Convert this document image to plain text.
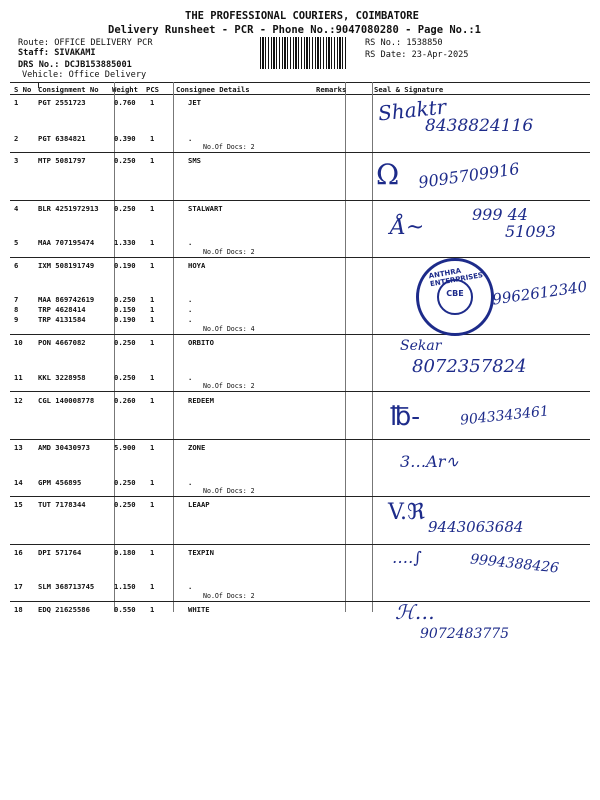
THE PROFESSIONAL COURIERS, COIMBATORE
Delivery Runsheet - PCR - Phone No.:9047080280 - Page No.:1
Route: OFFICE DELIVERY PCR
Staff: SIVAKAMI
DRS No.: DCJB153885001
Vehicle: Office Delivery
RS No.: 1538850
RS Date: 23-Apr-2025
S No Consignment No Weight PCS Consignee Details	Remarks	Seal & Signature
1	PGT 2551723	0.760 1	JET
2	PGT 6384821	0.390 1	.
No.Of Docs: 2
3	MTP 5081797	0.250 1	SMS
4	BLR 4251972913 0.250 1	STALWART
5	MAA 707195474	1.330 1	.
No.Of Docs: 2
6	IXM 508191749	0.190 1	HOYA
7	MAA 869742619	0.250 1	.
8	TRP 4628414	0.150 1	.
9	TRP 4131584	0.190 1	.
No.Of Docs: 4
10 PON 4667082	0.250 1	ORBITO
11 KKL 3228958	0.250 1	.
No.Of Docs: 2
12 CGL 140008778	0.260 1	REDEEM
13 AMD 30430973	5.900 1	ZONE
14 GPM 456895	0.250 1	.
No.Of Docs: 2
15 TUT 7178344	0.250 1	LEAAP
16 DPI 571764	0.180 1	TEXPIN
17 SLM 368713745	1.150 1	.
No.Of Docs: 2
18 EDQ 21625586	0.550 1	WHITE
Shaktr
8438824116
Ω 9095709916
Å~
999 44
51093
CBE
ANTHRA ENTERPRISES 9962612340
Sekar
8072357824
℔-	9043343461
3…Ar∿
V.ℜ
9443063684
․…∫	9994388426
ℋ…
9072483775
